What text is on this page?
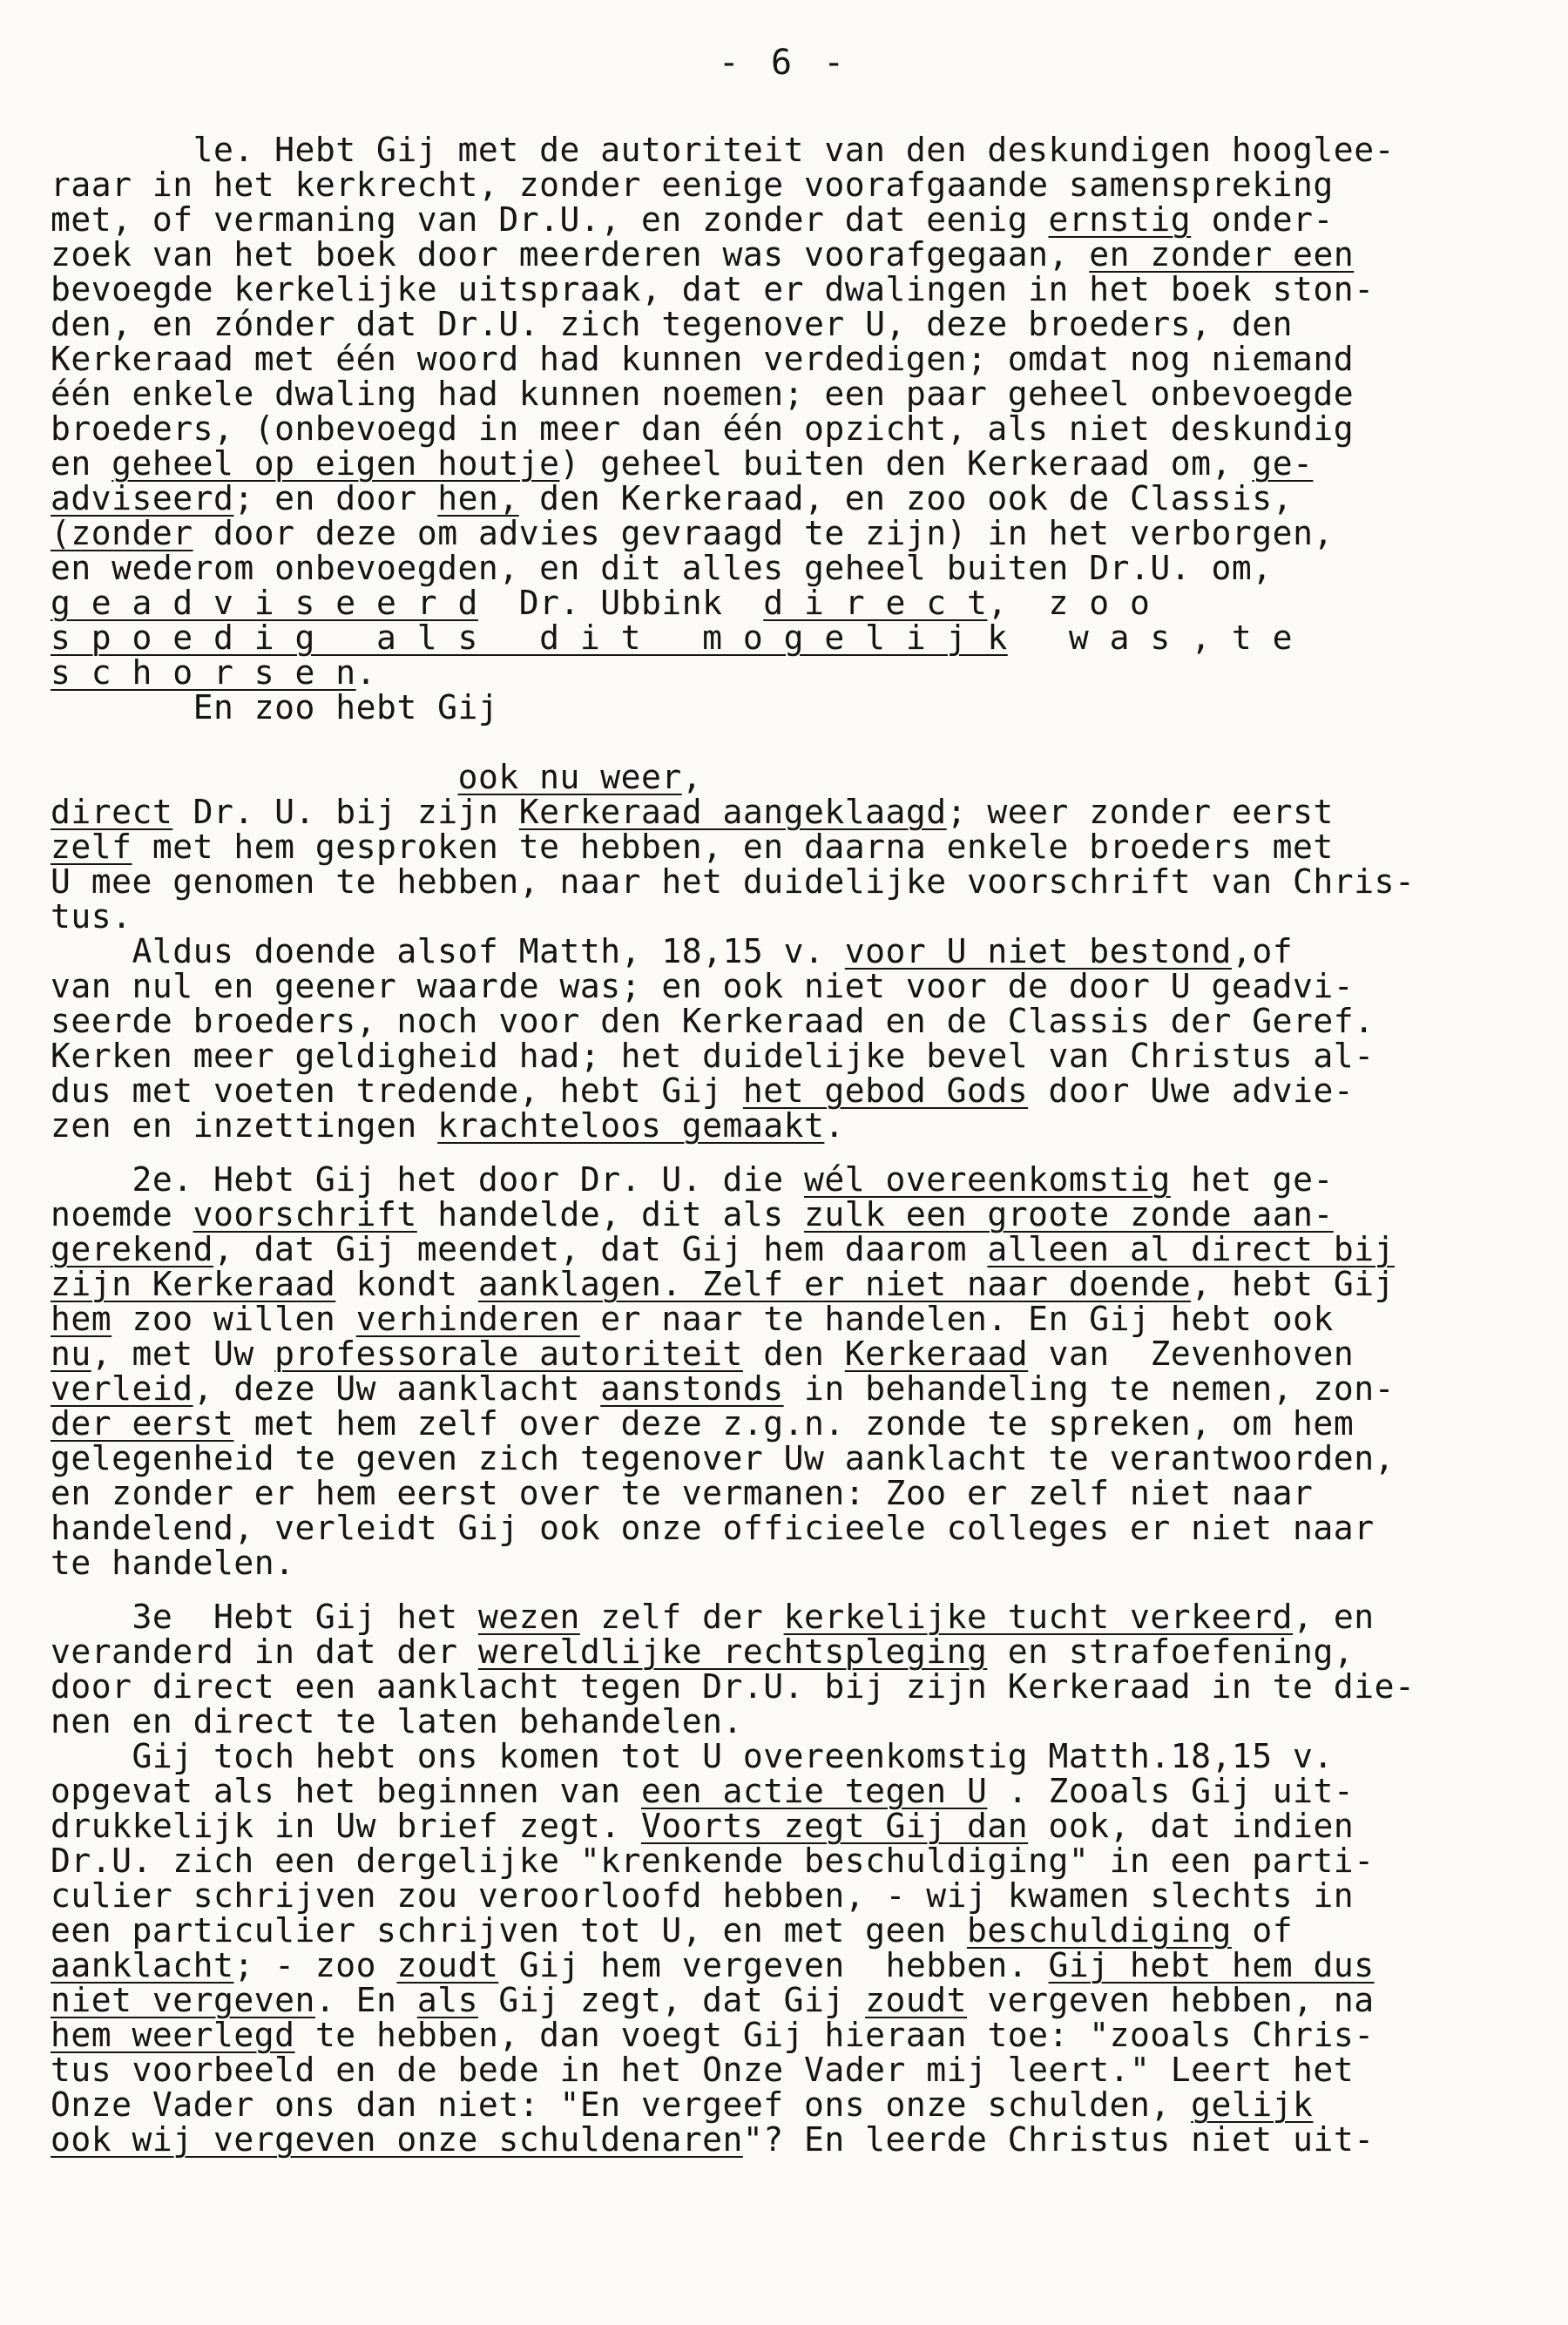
- 6 -
le. Hebt Gij met de autoriteit van den deskundigen hooglee-
raar in het kerkrecht, zonder eenige voorafgaande samenspreking
met, of vermaning van Dr.U., en zonder dat eenig ernstig onder-
zoek van het boek door meerderen was voorafgegaan, en zonder een
bevoegde kerkelijke uitspraak, dat er dwalingen in het boek ston-
den, en zónder dat Dr.U. zich tegenover U, deze broeders, den
Kerkeraad met één woord had kunnen verdedigen; omdat nog niemand
één enkele dwaling had kunnen noemen; een paar geheel onbevoegde
broeders, (onbevoegd in meer dan één opzicht, als niet deskundig
en geheel op eigen houtje) geheel buiten den Kerkeraad om, ge-
adviseerd; en door hen, den Kerkeraad, en zoo ook de Classis,
(zonder door deze om advies gevraagd te zijn) in het verborgen,
en wederom onbevoegden, en dit alles geheel buiten Dr.U. om,
g e a d v i s e e r d  Dr. Ubbink  d i r e c t,  z o o
s p o e d i g   a l s   d i t   m o g e l i j k   w a s , t e
s c h o r s e n.
En zoo hebt Gij
ook nu weer,
direct Dr. U. bij zijn Kerkeraad aangeklaagd; weer zonder eerst
zelf met hem gesproken te hebben, en daarna enkele broeders met
U mee genomen te hebben, naar het duidelijke voorschrift van Chris-
tus.
Aldus doende alsof Matth, 18,15 v. voor U niet bestond,of
van nul en geener waarde was; en ook niet voor de door U geadvi-
seerde broeders, noch voor den Kerkeraad en de Classis der Geref.
Kerken meer geldigheid had; het duidelijke bevel van Christus al-
dus met voeten tredende, hebt Gij het gebod Gods door Uwe advie-
zen en inzettingen krachteloos gemaakt.
2e. Hebt Gij het door Dr. U. die wél overeenkomstig het ge-
noemde voorschrift handelde, dit als zulk een groote zonde aan-
gerekend, dat Gij meendet, dat Gij hem daarom alleen al direct bij
zijn Kerkeraad kondt aanklagen. Zelf er niet naar doende, hebt Gij
hem zoo willen verhinderen er naar te handelen. En Gij hebt ook
nu, met Uw professorale autoriteit den Kerkeraad van  Zevenhoven
verleid, deze Uw aanklacht aanstonds in behandeling te nemen, zon-
der eerst met hem zelf over deze z.g.n. zonde te spreken, om hem
gelegenheid te geven zich tegenover Uw aanklacht te verantwoorden,
en zonder er hem eerst over te vermanen: Zoo er zelf niet naar
handelend, verleidt Gij ook onze officieele colleges er niet naar
te handelen.
3e  Hebt Gij het wezen zelf der kerkelijke tucht verkeerd, en
veranderd in dat der wereldlijke rechtspleging en strafoefening,
door direct een aanklacht tegen Dr.U. bij zijn Kerkeraad in te die-
nen en direct te laten behandelen.
Gij toch hebt ons komen tot U overeenkomstig Matth.18,15 v.
opgevat als het beginnen van een actie tegen U . Zooals Gij uit-
drukkelijk in Uw brief zegt. Voorts zegt Gij dan ook, dat indien
Dr.U. zich een dergelijke "krenkende beschuldiging" in een parti-
culier schrijven zou veroorloofd hebben, - wij kwamen slechts in
een particulier schrijven tot U, en met geen beschuldiging of
aanklacht; - zoo zoudt Gij hem vergeven  hebben. Gij hebt hem dus
niet vergeven. En als Gij zegt, dat Gij zoudt vergeven hebben, na
hem weerlegd te hebben, dan voegt Gij hieraan toe: "zooals Chris-
tus voorbeeld en de bede in het Onze Vader mij leert." Leert het
Onze Vader ons dan niet: "En vergeef ons onze schulden, gelijk
ook wij vergeven onze schuldenaren"? En leerde Christus niet uit-
